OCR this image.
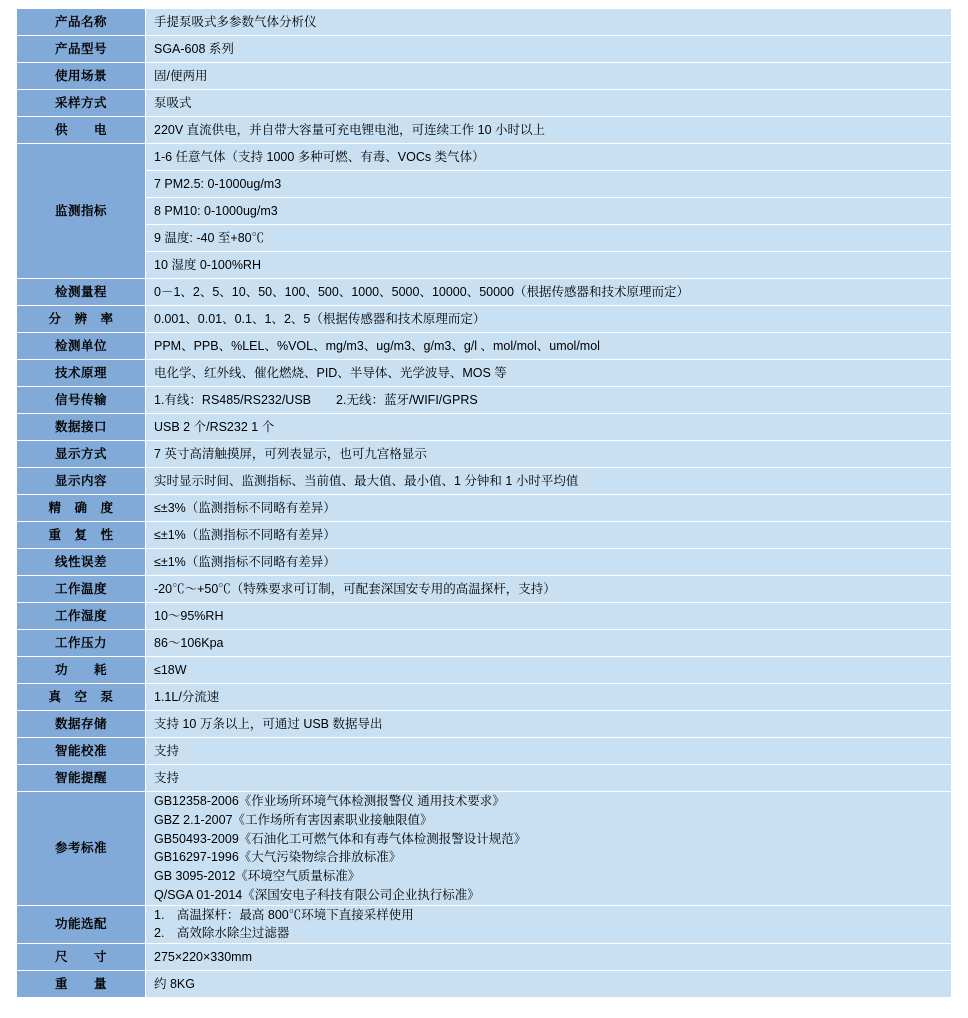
产品名称	手提泵吸式多参数气体分析仪
产品型号	SGA-608 系列
使用场景	固/便两用
采样方式	泵吸式
供　　电	220V 直流供电，并自带大容量可充电锂电池，可连续工作 10 小时以上
监测指标	1-6 任意气体（支持 1000 多种可燃、有毒、VOCs 类气体）
	7 PM2.5: 0-1000ug/m3
	8 PM10: 0-1000ug/m3
	9 温度: -40 至+80℃
	10 湿度 0-100%RH
检测量程	0－1、2、5、10、50、100、500、1000、5000、10000、50000（根据传感器和技术原理而定）
分　辨　率	0.001、0.01、0.1、1、2、5（根据传感器和技术原理而定）
检测单位	PPM、PPB、%LEL、%VOL、mg/m3、ug/m3、g/m3、g/l 、mol/mol、umol/mol
技术原理	电化学、红外线、催化燃烧、PID、半导体、光学波导、MOS 等
信号传输	1.有线：RS485/RS232/USB　　2.无线：蓝牙/WIFI/GPRS
数据接口	USB 2 个/RS232 1 个
显示方式	7 英寸高清触摸屏，可列表显示，也可九宫格显示
显示内容	实时显示时间、监测指标、当前值、最大值、最小值、1 分钟和 1 小时平均值
精　确　度	≤±3%（监测指标不同略有差异）
重　复　性	≤±1%（监测指标不同略有差异）
线性误差	≤±1%（监测指标不同略有差异）
工作温度	-20℃～+50℃（特殊要求可订制，可配套深国安专用的高温探杆，支持）
工作湿度	10～95%RH
工作压力	86～106Kpa
功　　耗	≤18W
真　空　泵	1.1L/分流速
数据存储	支持 10 万条以上，可通过 USB 数据导出
智能校准	支持
智能提醒	支持
参考标准	
GB12358-2006《作业场所环境气体检测报警仪 通用技术要求》
GBZ 2.1-2007《工作场所有害因素职业接触限值》
GB50493-2009《石油化工可燃气体和有毒气体检测报警设计规范》
GB16297-1996《大气污染物综合排放标准》
GB 3095-2012《环境空气质量标准》
Q/SGA 01-2014《深国安电子科技有限公司企业执行标准》

功能选配	1.　高温探杆：最高 800℃环境下直接采样使用
2.　高效除水除尘过滤器

尺　　寸	275×220×330mm
重　　量	约 8KG
